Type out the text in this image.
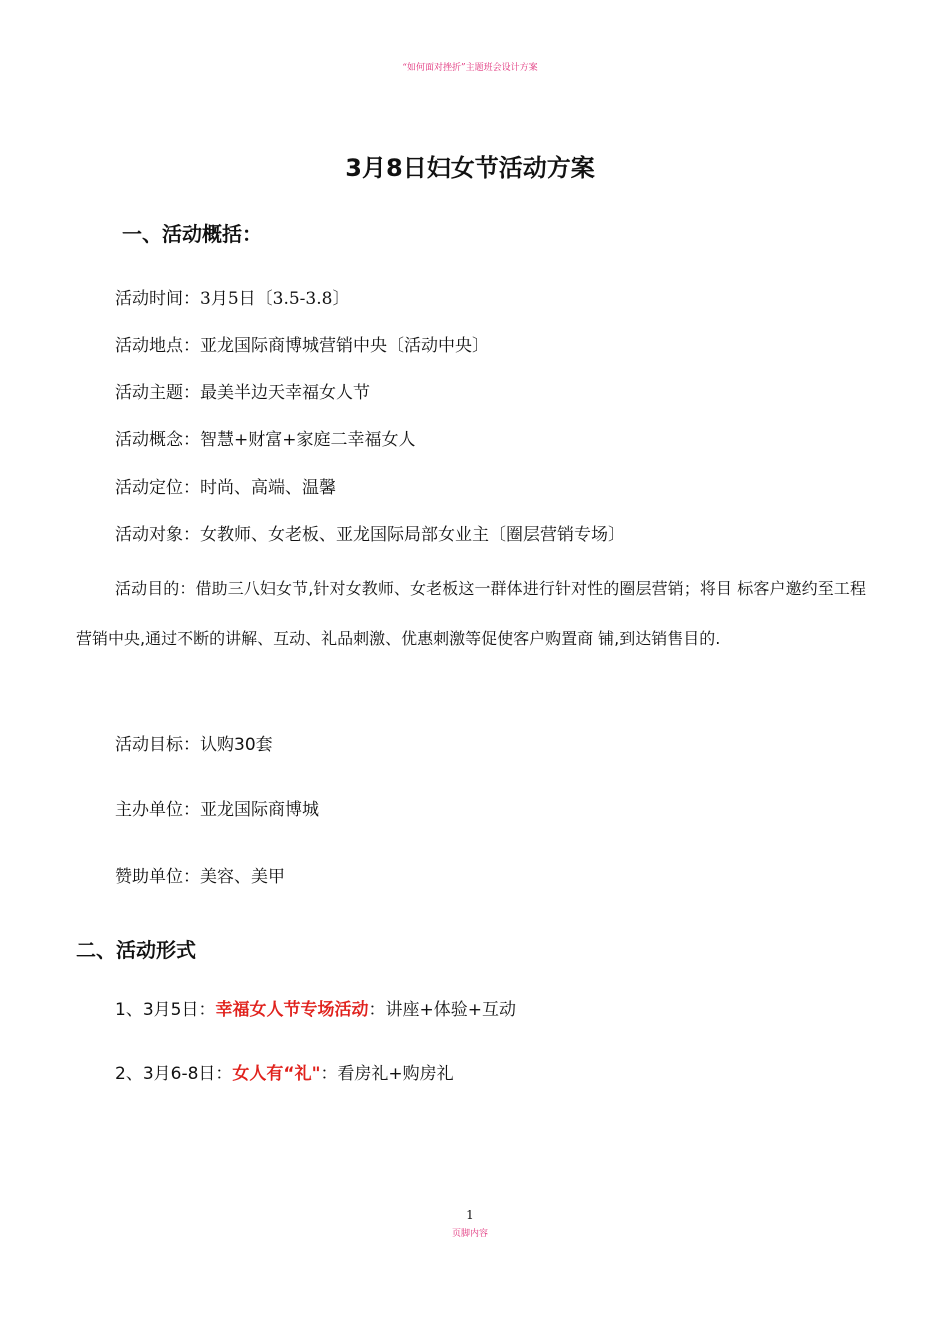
“如何面对挫折”主题班会设计方案
3月8日妇女节活动方案
一、活动概括：
活动时间：3月5日〔3.5-3.8〕
活动地点：亚龙国际商博城营销中央〔活动中央〕
活动主题：最美半边天幸福女人节
活动概念：智慧+财富+家庭二幸福女人
活动定位：时尚、高端、温馨
活动对象：女教师、女老板、亚龙国际局部女业主〔圈层营销专场〕
活动目的：借助三八妇女节,针对女教师、女老板这一群体进行针对性的圈层营销；将目 标客户邀约至工程营销中央,通过不断的讲解、互动、礼品刺激、优惠刺激等促使客户购置商 铺,到达销售目的.
活动目标：认购30套
主办单位：亚龙国际商博城
赞助单位：美容、美甲
二、活动形式
1、3月5日：幸福女人节专场活动：讲座+体验+互动
2、3月6-8日：女人有“礼"：看房礼+购房礼
1
页脚内容
